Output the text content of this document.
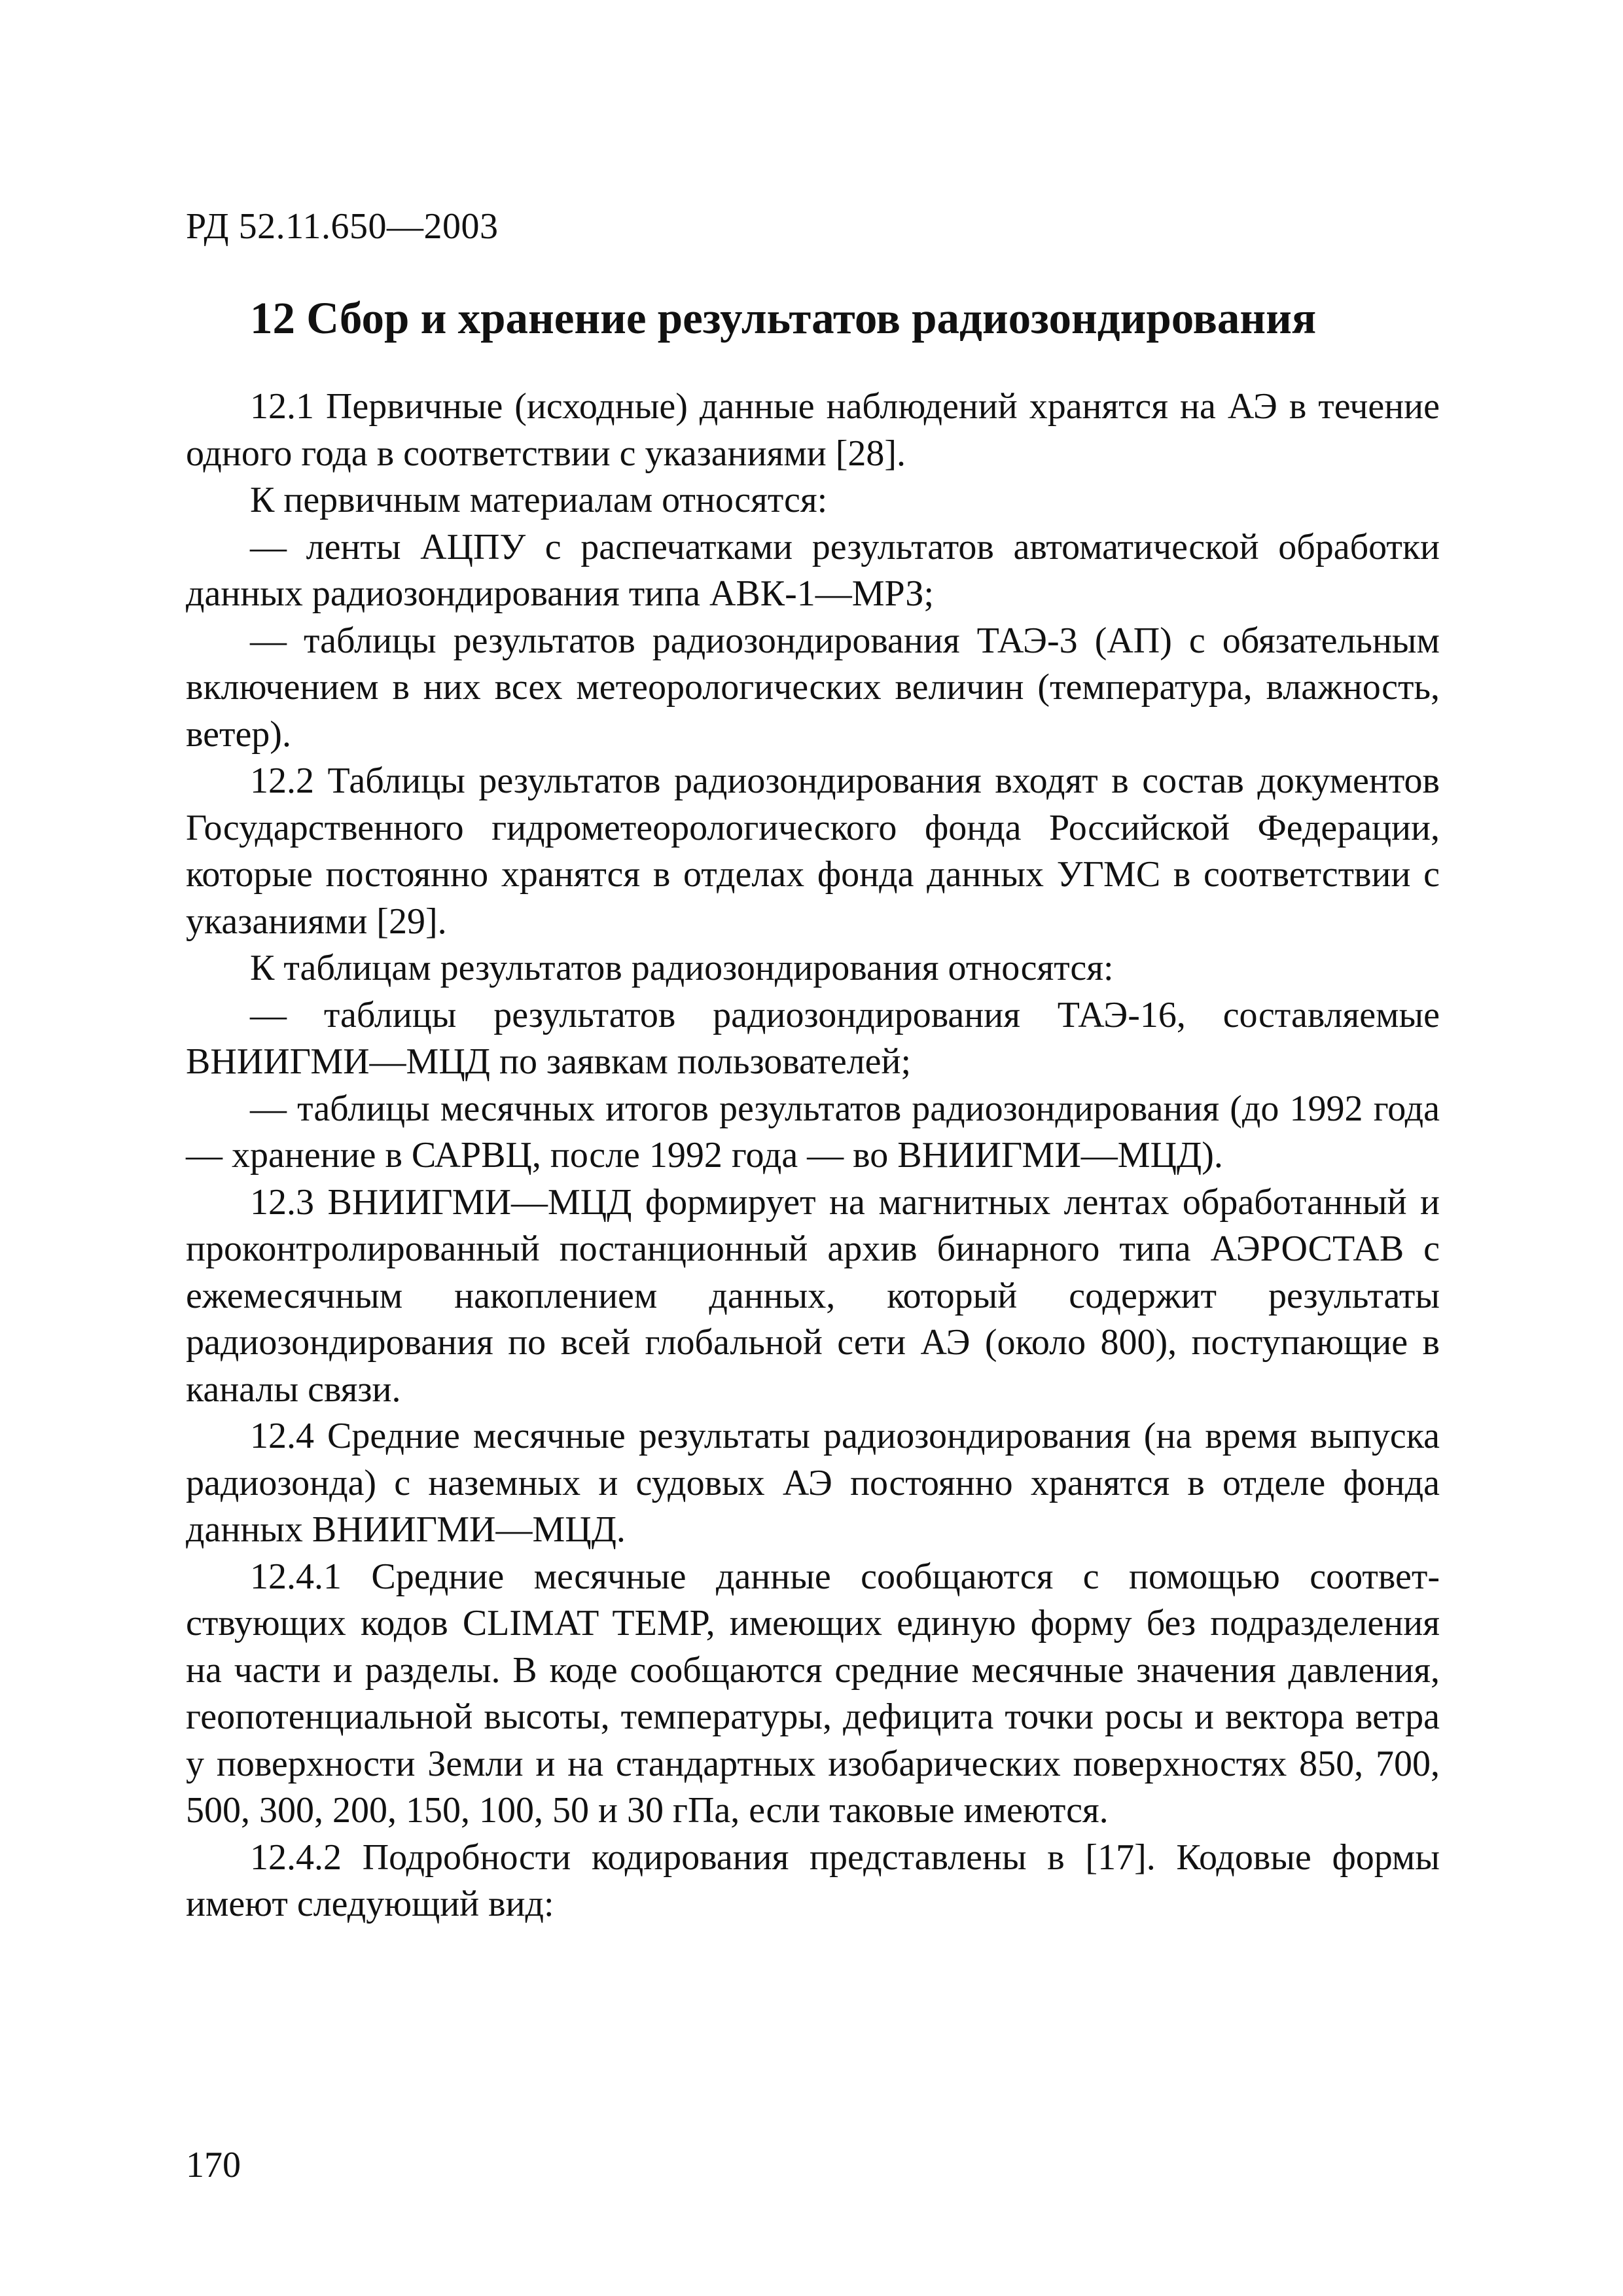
РД 52.11.650—2003
12 Сбор и хранение результатов радиозондирования

12.1 Первичные (исходные) данные наблюдений хранятся на АЭ в течение одного года в соответствии с указаниями [28].

К первичным материалам относятся:

— ленты АЦПУ с распечатками результатов автоматической обработки данных радиозондирования типа АВК-1—МРЗ;

— таблицы результатов радиозондирования ТАЭ-3 (АП) с обязательным включением в них всех метеорологических величин (температура, влажность, ветер).

12.2 Таблицы результатов радиозондирования входят в состав документов Государственного гидрометеорологического фонда Российской Федерации, которые постоянно хранятся в отделах фонда данных УГМС в соответствии с указаниями [29].

К таблицам результатов радиозондирования относятся:

— таблицы результатов радиозондирования ТАЭ-16, составляемые ВНИИГМИ—МЦД по заявкам пользователей;

— таблицы месячных итогов результатов радиозондирования (до 1992 года — хранение в САРВЦ, после 1992 года — во ВНИИГМИ—МЦД).

12.3 ВНИИГМИ—МЦД формирует на магнитных лентах обработанный и проконтролированный постанционный архив бинарного типа АЭРОСТАВ с ежемесячным накоплением данных, который содержит результаты радиозондирования по всей глобальной сети АЭ (около 800), поступающие в каналы связи.

12.4 Средние месячные результаты радиозондирования (на время выпуска радиозонда) с наземных и судовых АЭ постоянно хранятся в отделе фонда данных ВНИИГМИ—МЦД.

12.4.1 Средние месячные данные сообщаются с помощью соответствующих кодов CLIMAT TEMP, имеющих единую форму без подразделения на части и разделы. В коде сообщаются средние месячные значения давления, геопотенциальной высоты, температуры, дефицита точки росы и вектора ветра у поверхности Земли и на стандартных изобарических поверхностях 850, 700, 500, 300, 200, 150, 100, 50 и 30 гПа, если таковые имеются.

12.4.2 Подробности кодирования представлены в [17]. Кодовые формы имеют следующий вид:

170
